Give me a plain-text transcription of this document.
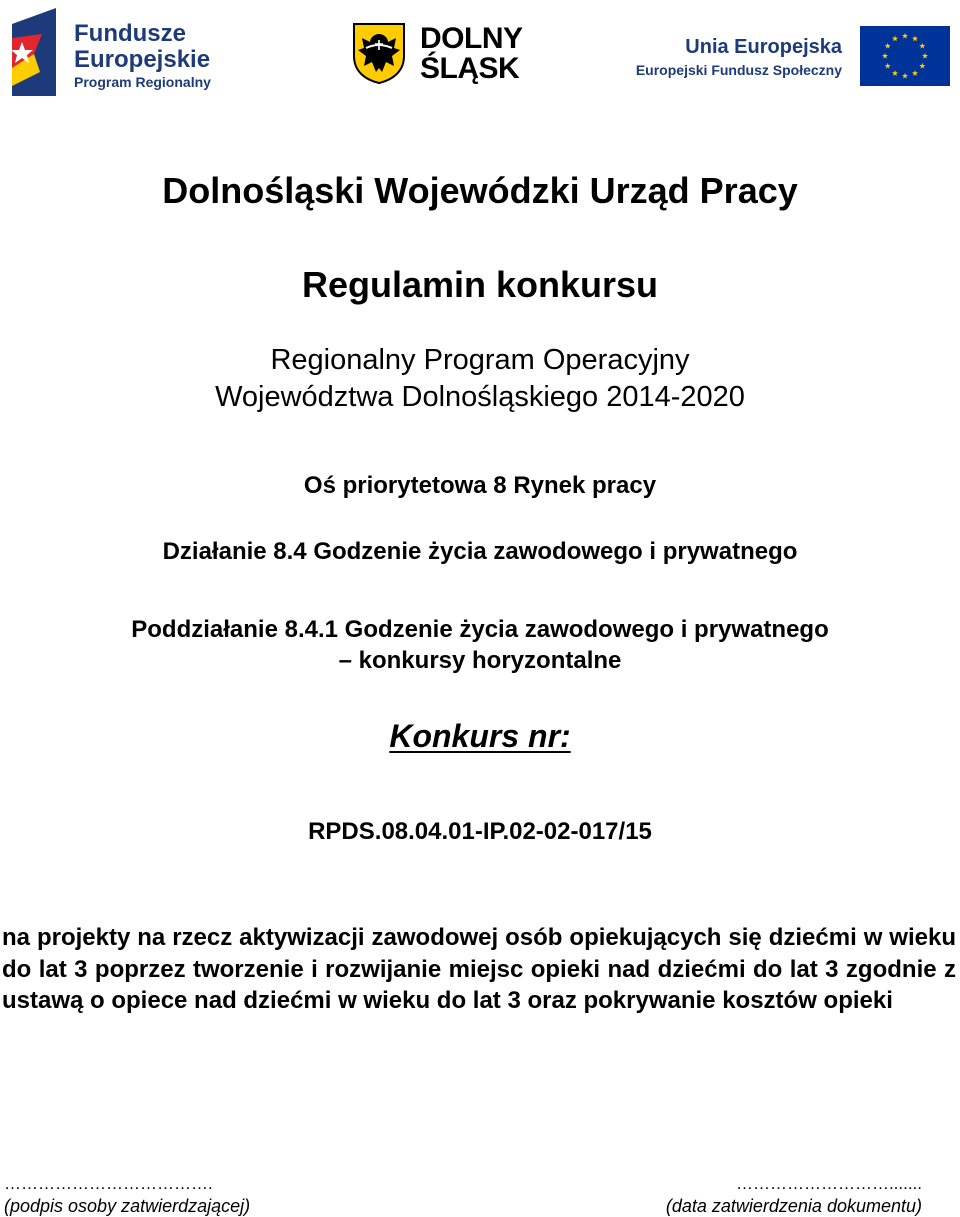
Fundusze
Europejskie
Program Regionalny
DOLNY
ŚLĄSK
Unia Europejska
Europejski Fundusz Społeczny
Dolnośląski Wojewódzki Urząd Pracy
Regulamin konkursu
Regionalny Program Operacyjny
Województwa Dolnośląskiego 2014-2020
Oś priorytetowa 8 Rynek pracy
Działanie 8.4 Godzenie życia zawodowego i prywatnego
Poddziałanie 8.4.1 Godzenie życia zawodowego i prywatnego
– konkursy horyzontalne
Konkurs nr:
RPDS.08.04.01-IP.02-02-017/15
na projekty na rzecz aktywizacji zawodowej osób opiekujących się dziećmi w wieku do lat 3 poprzez tworzenie i rozwijanie miejsc opieki nad dziećmi do lat 3 zgodnie z ustawą o opiece nad dziećmi w wieku do lat 3 oraz pokrywanie kosztów opieki
……………………………….
(podpis osoby zatwierdzającej)
……………………….......
(data zatwierdzenia dokumentu)
